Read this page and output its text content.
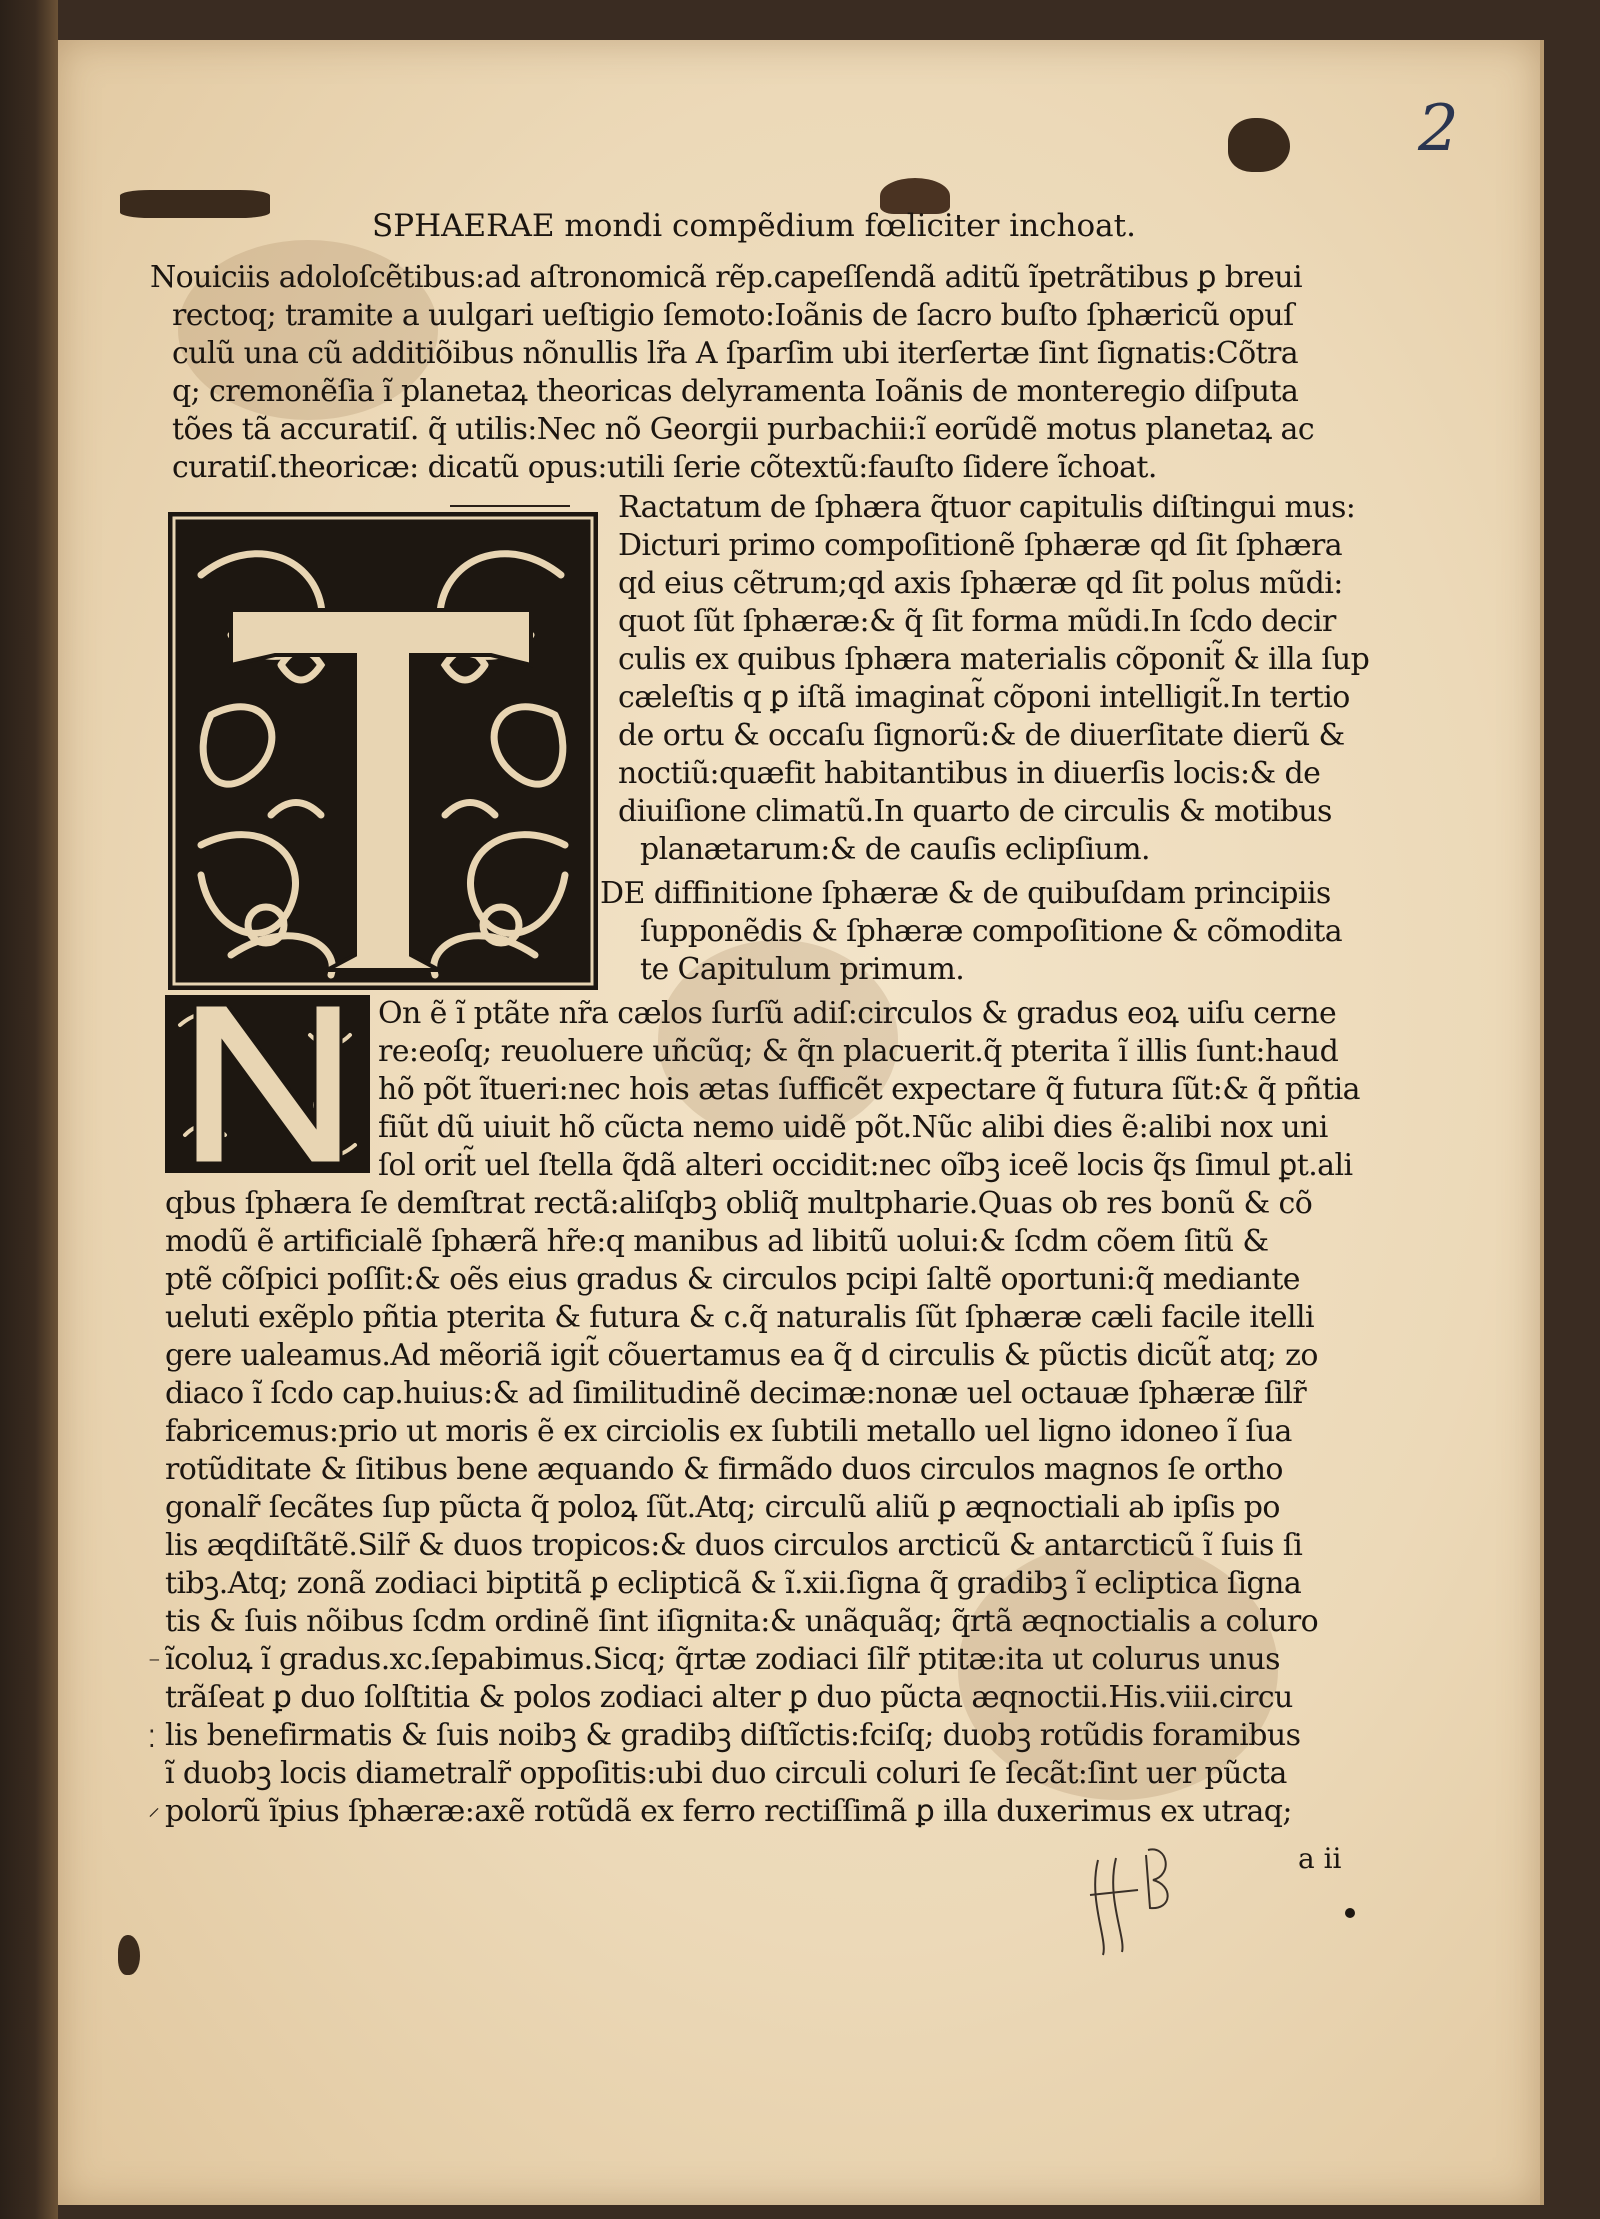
2
SPHAERAE mondi compẽdium fœliciter inchoat.
Nouiciis adoloſcẽtibus:ad aſtronomicã rẽp.capeſſendã aditũ ĩpetrãtibus ꝑ breui
rectoq; tramite a uulgari ueſtigio ſemoto:Ioãnis de ſacro buſto ſphæricũ opuſ
culũ una cũ additiõibus nõnullis lr̃a A ſparſim ubi iterſertæ ſint ſignatis:Cõtra
q; cremonẽſia ĩ planetaꝝ theoricas delyramenta Ioãnis de monteregio diſputa
tões tã accuratiſ. q̃ utilis:Nec nõ Georgii purbachii:ĩ eorũdẽ motus planetaꝝ ac
curatiſ.theoricæ: dicatũ opus:utili ſerie cõtextũ:fauſto ſidere ĩchoat.
Ractatum de ſphæra q̃tuor capitulis diſtingui mus:
Dicturi primo compoſitionẽ ſphæræ qd ſit ſphæra
qd eius cẽtrum;qd axis ſphæræ qd ſit polus mũdi:
quot ſũt ſphæræ:& q̃ ſit forma mũdi.In ſcdo decir
culis ex quibus ſphæra materialis cõponit̃ & illa ſup
cæleſtis q ꝑ iſtã imaginat̃ cõponi intelligit̃.In tertio
de ortu & occaſu ſignorũ:& de diuerſitate dierũ &
noctiũ:quæfit habitantibus in diuerſis locis:& de
diuiſione climatũ.In quarto de circulis & motibus
planætarum:& de cauſis eclipſium.
DE diffinitione ſphæræ & de quibuſdam principiis
ſupponẽdis & ſphæræ compoſitione & cõmodita
te Capitulum primum.
On ẽ ĩ ptãte nr̃a cælos ſurſũ adiſ:circulos & gradus eoꝝ uiſu cerne
re:eoſq; reuoluere uñcũq; & q̃n placuerit.q̃ pterita ĩ illis ſunt:haud
hõ põt ĩtueri:nec hois ætas ſufficẽt expectare q̃ futura ſũt:& q̃ pñtia
fiũt dũ uiuit hõ cũcta nemo uidẽ põt.Nũc alibi dies ẽ:alibi nox uni
ſol orit̃ uel ſtella q̃dã alteri occidit:nec oĩbꝫ iceẽ locis q̃s ſimul ꝑt.ali
qbus ſphæra ſe demſtrat rectã:aliſqbꝫ obliq̃ multpharie.Quas ob res bonũ & cõ
modũ ẽ artificialẽ ſphærã hr̃e:q manibus ad libitũ uolui:& ſcdm cõem ſitũ &
ptẽ cõſpici poſſit:& oẽs eius gradus & circulos pcipi ſaltẽ oportuni:q̃ mediante
ueluti exẽplo pñtia pterita & futura & c.q̃ naturalis ſũt ſphæræ cæli facile itelli
gere ualeamus.Ad mẽoriã igit̃ cõuertamus ea q̃ d circulis & pũctis dicũt̃ atq; zo
diaco ĩ ſcdo cap.huius:& ad ſimilitudinẽ decimæ:nonæ uel octauæ ſphæræ ſilr̃
fabricemus:prio ut moris ẽ ex circiolis ex ſubtili metallo uel ligno idoneo ĩ ſua
rotũditate & ſitibus bene æquando & firmãdo duos circulos magnos ſe ortho
gonalr̃ ſecãtes ſup pũcta q̃ poloꝝ ſũt.Atq; circulũ aliũ ꝑ æqnoctiali ab ipſis po
lis æqdiſtãtẽ.Silr̃ & duos tropicos:& duos circulos arcticũ & antarcticũ ĩ ſuis ſi
tibꝫ.Atq; zonã zodiaci biptitã ꝑ eclipticã & ĩ.xii.ſigna q̃ gradibꝫ ĩ ecliptica ſigna
tis & ſuis nõibus ſcdm ordinẽ ſint iſignita:& unãquãq; q̃rtã æqnoctialis a coluro
ĩcoluꝝ ĩ gradus.xc.ſepabimus.Sicq; q̃rtæ zodiaci ſilr̃ ptitæ:ita ut colurus unus
trãſeat ꝑ duo ſolſtitia & polos zodiaci alter ꝑ duo pũcta æqnoctii.His.viii.circu
lis benefirmatis & ſuis noibꝫ & gradibꝫ diſtĩctis:fciſq; duobꝫ rotũdis foramibus
ĩ duobꝫ locis diametralr̃ oppoſitis:ubi duo circuli coluri ſe ſecãt:ſint uer pũcta
polorũ ĩpius ſphæræ:axẽ rotũdã ex ferro rectiſſimã ꝑ illa duxerimus ex utraq;
⁻
⁚
⸝
a ii
